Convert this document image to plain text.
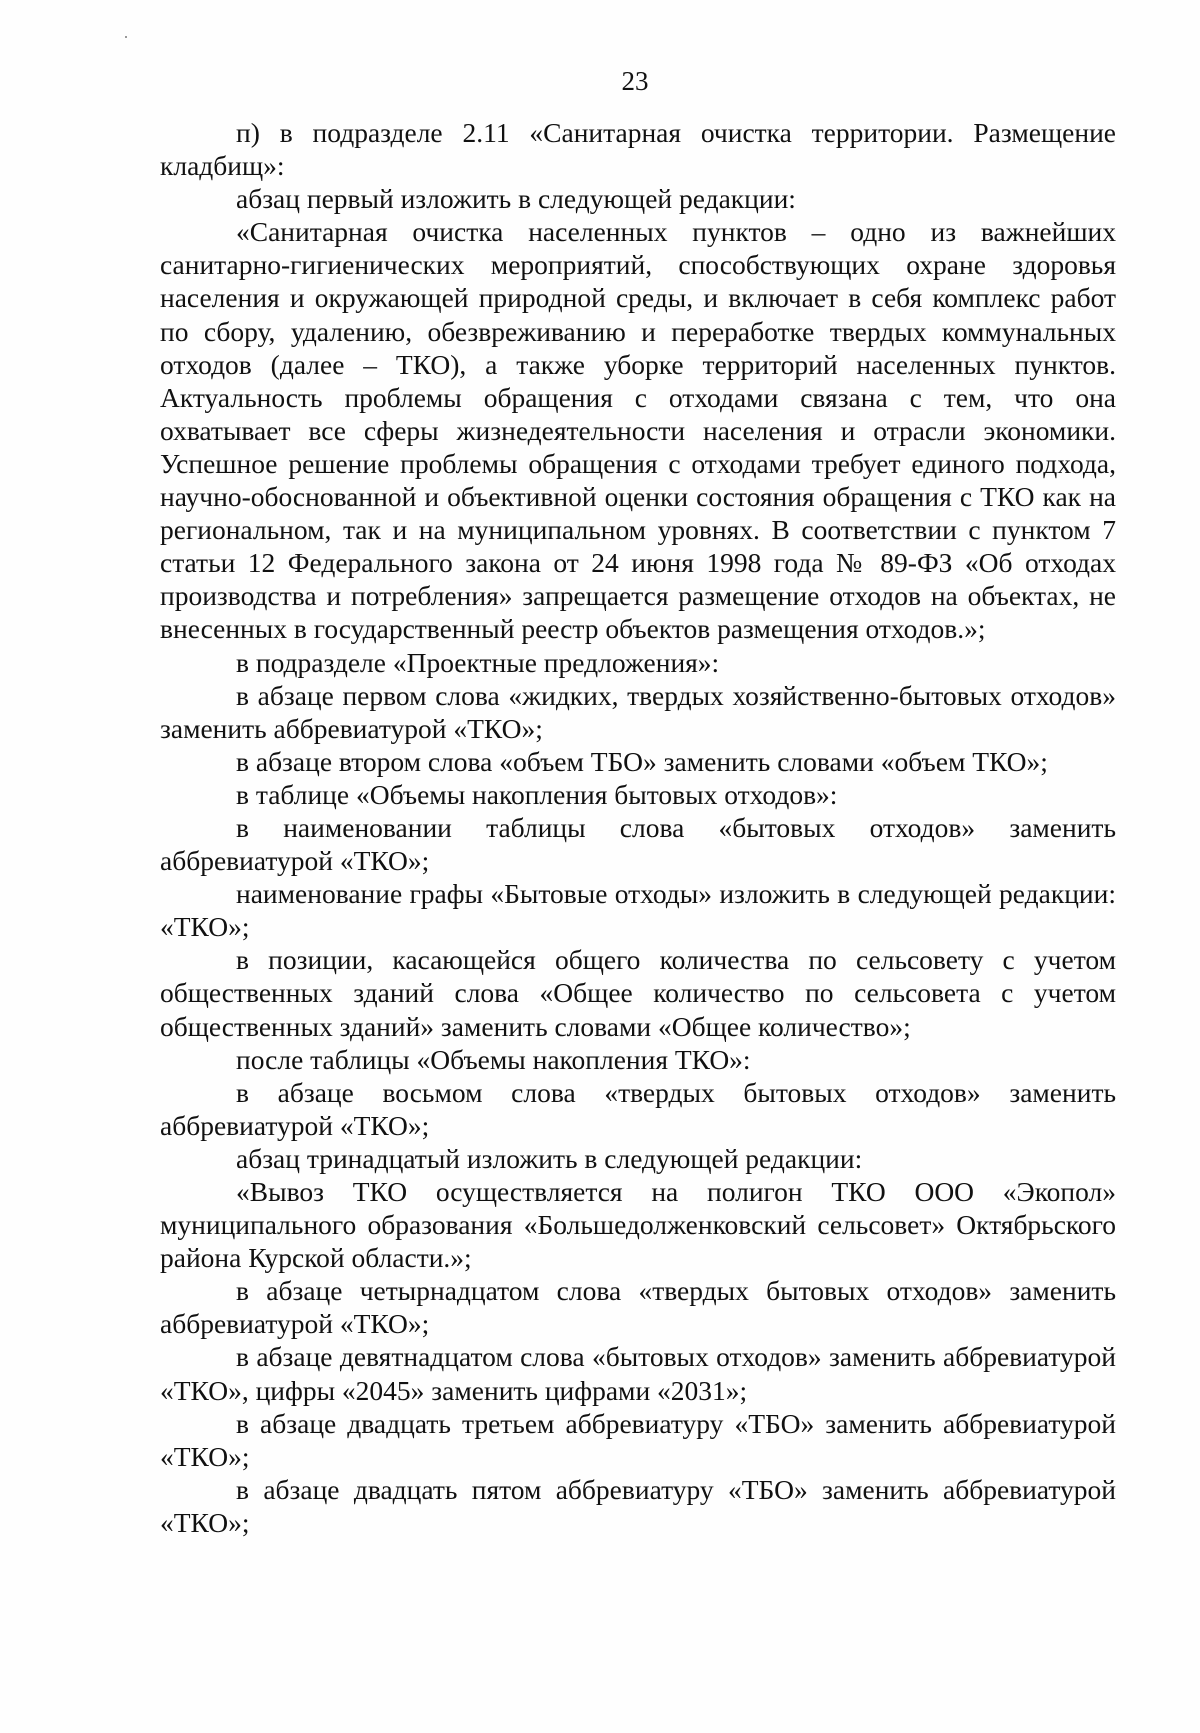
23

п) в подразделе 2.11 «Санитарная очистка территории. Размещение кладбищ»:

абзац первый изложить в следующей редакции:

«Санитарная очистка населенных пунктов – одно из важнейших санитарно-гигиенических мероприятий, способствующих охране здоровья населения и окружающей природной среды, и включает в себя комплекс работ по сбору, удалению, обезвреживанию и переработке твердых коммунальных отходов (далее – ТКО), а также уборке территорий населенных пунктов. Актуальность проблемы обращения с отходами связана с тем, что она охватывает все сферы жизнедеятельности населения и отрасли экономики. Успешное решение проблемы обращения с отходами требует единого подхода, научно-обоснованной и объективной оценки состояния обращения с ТКО как на региональном, так и на муниципальном уровнях. В соответствии с пунктом 7 статьи 12 Федерального закона от 24 июня 1998 года № 89-ФЗ «Об отходах производства и потребления» запрещается размещение отходов на объектах, не внесенных в государственный реестр объектов размещения отходов.»;

в подразделе «Проектные предложения»:

в абзаце первом слова «жидких, твердых хозяйственно-бытовых отходов» заменить аббревиатурой «ТКО»;

в абзаце втором слова «объем ТБО» заменить словами «объем ТКО»;

в таблице «Объемы накопления бытовых отходов»:

в наименовании таблицы слова «бытовых отходов» заменить аббревиатурой «ТКО»;

наименование графы «Бытовые отходы» изложить в следующей редакции: «ТКО»;

в позиции, касающейся общего количества по сельсовету с учетом общественных зданий слова «Общее количество по сельсовета с учетом общественных зданий» заменить словами «Общее количество»;

после таблицы «Объемы накопления ТКО»:

в абзаце восьмом слова «твердых бытовых отходов» заменить аббревиатурой «ТКО»;

абзац тринадцатый изложить в следующей редакции:

«Вывоз ТКО осуществляется на полигон ТКО ООО «Экопол» муниципального образования «Большедолженковский сельсовет» Октябрьского района Курской области.»;

в абзаце четырнадцатом слова «твердых бытовых отходов» заменить аббревиатурой «ТКО»;

в абзаце девятнадцатом слова «бытовых отходов» заменить аббревиатурой «ТКО», цифры «2045» заменить цифрами «2031»;

в абзаце двадцать третьем аббревиатуру «ТБО» заменить аббревиатурой «ТКО»;

в абзаце двадцать пятом аббревиатуру «ТБО» заменить аббревиатурой «ТКО»;
